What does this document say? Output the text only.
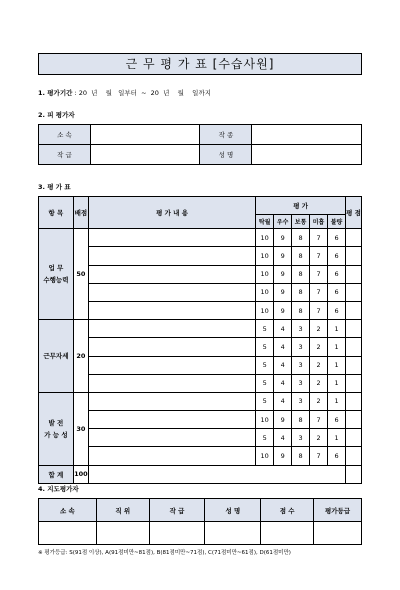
근 무 평 가 표 [수습사원]
1. 평가기간 : 20  년    월   일부터  ~  20  년    월    일까지
2. 피 평가자
소 속		작 종	
작 급		성 명	
3. 평 가 표
항 목	배점	평 가 내 용	평 가					평 점
			탁월	우수	보통	미흡	불량	
업 무
수행능력	50		10	9	8	7	6	
			10	9	8	7	6	
			10	9	8	7	6	
			10	9	8	7	6	
			10	9	8	7	6	
근무자세	20		5	4	3	2	1	
			5	4	3	2	1	
			5	4	3	2	1	
			5	4	3	2	1	
발 전
가 능 성	30		5	4	3	2	1	
			10	9	8	7	6	
			5	4	3	2	1	
			10	9	8	7	6	
합 계	100							
4. 지도평가자
소 속	직 위	작 급	성 명	점 수	평가등급

※ 평가등급: S(91점 이상), A(91점미만~81점), B(81점미만~71점), C(71점미만~61점), D(61점미만)
